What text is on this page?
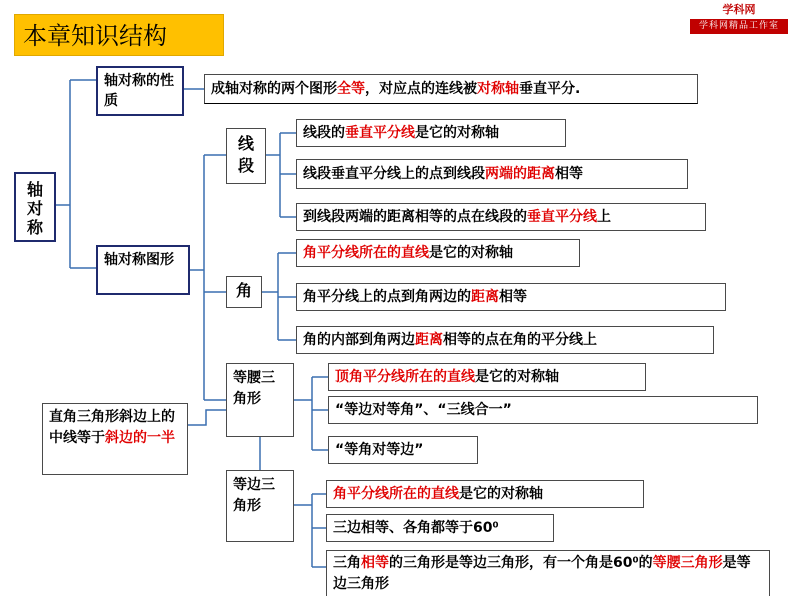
本章知识结构
学科网
学科网精品工作室
轴对称
轴对称的性质
成轴对称的两个图形全等，对应点的连线被对称轴垂直平分.
轴对称图形
线段
线段的垂直平分线是它的对称轴
线段垂直平分线上的点到线段两端的距离相等
到线段两端的距离相等的点在线段的垂直平分线上
角
角平分线所在的直线是它的对称轴
角平分线上的点到角两边的距离相等
角的内部到角两边距离相等的点在角的平分线上
等腰三角形
顶角平分线所在的直线是它的对称轴
“等边对等角”、“三线合一”
“等角对等边”
直角三角形斜边上的中线等于斜边的一半
等边三角形
角平分线所在的直线是它的对称轴
三边相等、各角都等于60⁰
三角相等的三角形是等边三角形，有一个角是60⁰的等腰三角形是等边三角形
